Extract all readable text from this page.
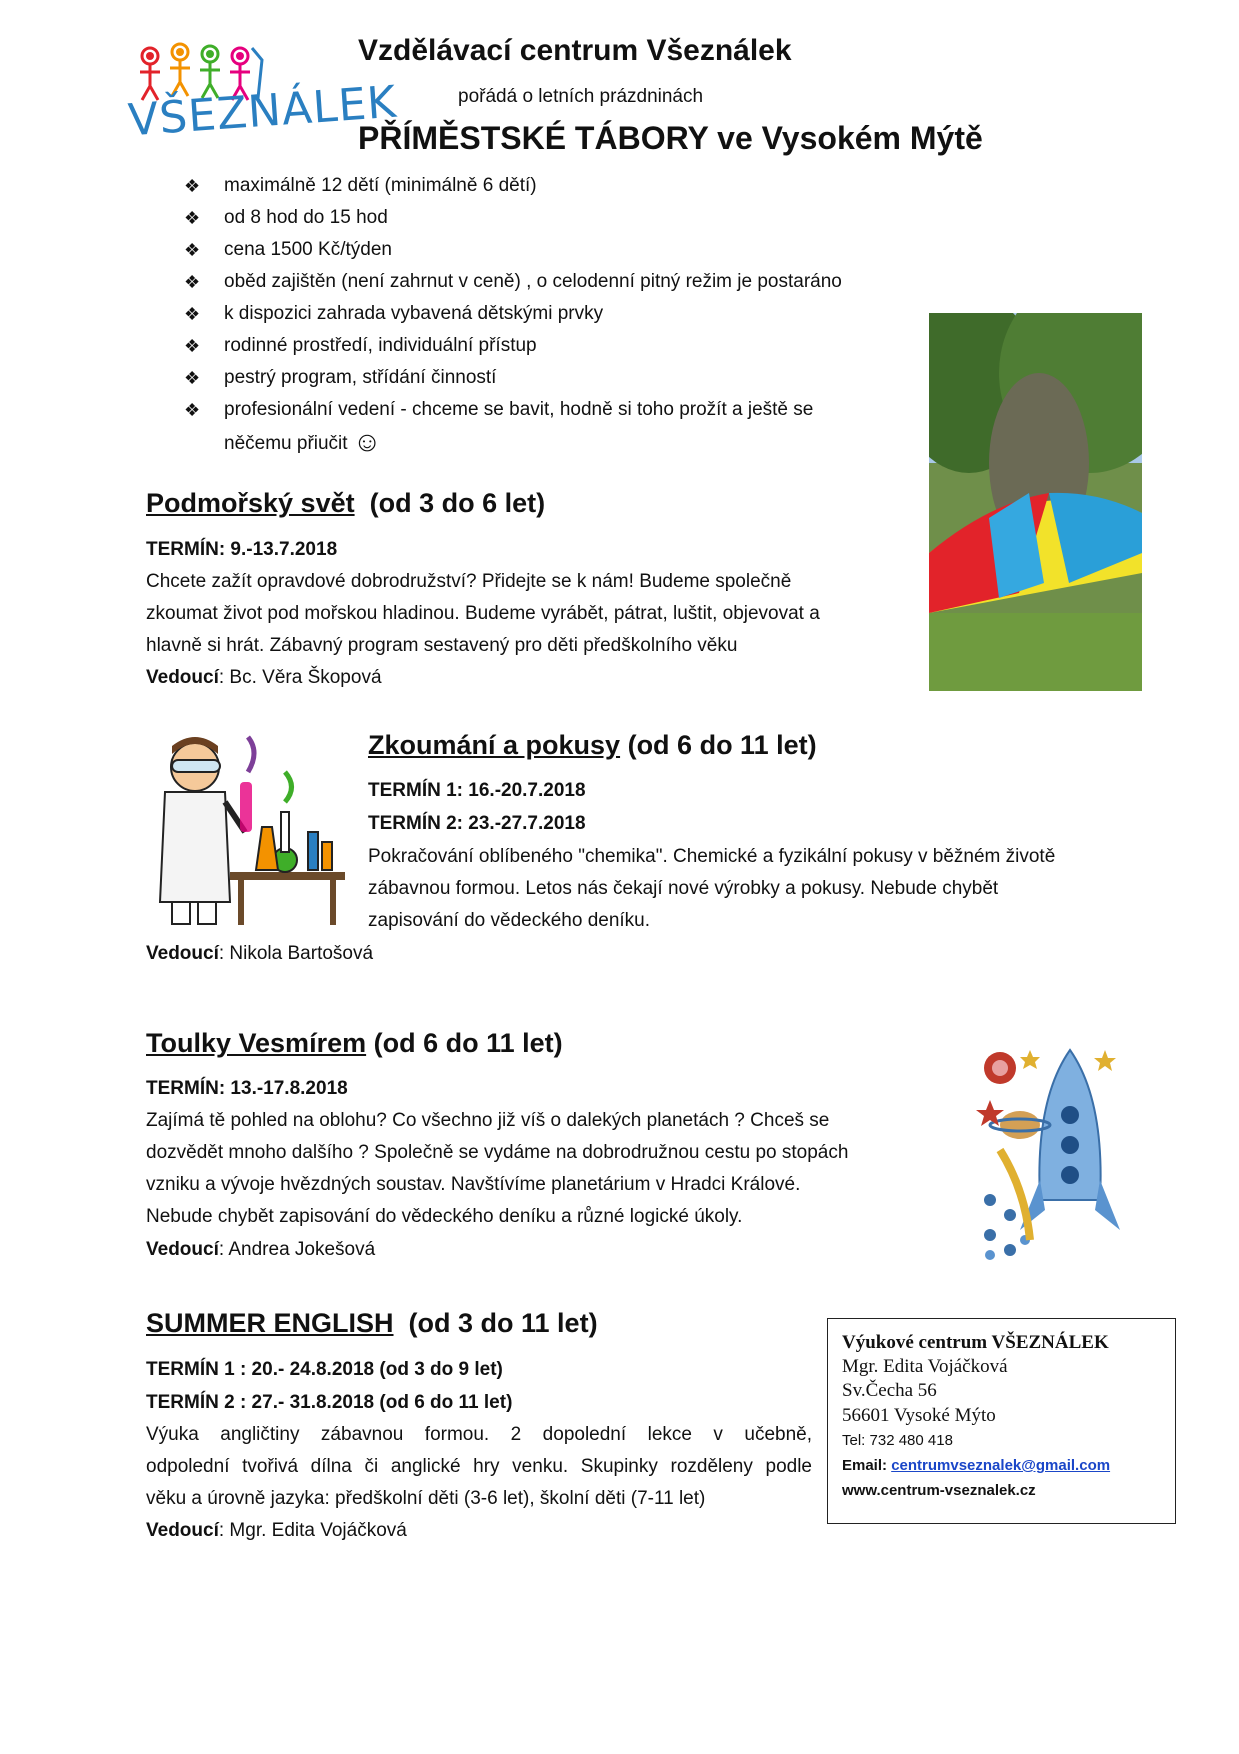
VŠEZNÁLEK
Vzdělávací centrum Všeználek
pořádá o letních prázdninách
PŘÍMĚSTSKÉ TÁBORY ve Vysokém Mýtě
❖ maximálně 12 dětí (minimálně 6 dětí)
❖ od 8 hod do 15 hod
❖ cena 1500 Kč/týden
❖ oběd zajištěn (není zahrnut v ceně) , o celodenní pitný režim je postaráno
❖ k dispozici zahrada vybavená dětskými prvky
❖ rodinné prostředí, individuální přístup
❖ pestrý program, střídání činností
❖ profesionální vedení - chceme se bavit, hodně si toho prožít a ještě se
něčemu přiučit ☺
Podmořský svět (od 3 do 6 let)
TERMÍN: 9.-13.7.2018
Chcete zažít opravdové dobrodružství? Přidejte se k nám! Budeme společně
zkoumat život pod mořskou hladinou. Budeme vyrábět, pátrat, luštit, objevovat a
hlavně si hrát. Zábavný program sestavený pro děti předškolního věku
Vedoucí: Bc. Věra Škopová
Zkoumání a pokusy (od 6 do 11 let)
TERMÍN 1: 16.-20.7.2018
TERMÍN 2: 23.-27.7.2018
Pokračování oblíbeného "chemika". Chemické a fyzikální pokusy v běžném životě
zábavnou formou. Letos nás čekají nové výrobky a pokusy. Nebude chybět
zapisování do vědeckého deníku.
Vedoucí: Nikola Bartošová
Toulky Vesmírem (od 6 do 11 let)
TERMÍN: 13.-17.8.2018
Zajímá tě pohled na oblohu? Co všechno již víš o dalekých planetách ? Chceš se
dozvědět mnoho dalšího ? Společně se vydáme na dobrodružnou cestu po stopách
vzniku a vývoje hvězdných soustav. Navštívíme planetárium v Hradci Králové.
Nebude chybět zapisování do vědeckého deníku a různé logické úkoly.
Vedoucí: Andrea Jokešová
SUMMER ENGLISH (od 3 do 11 let)
TERMÍN 1 : 20.- 24.8.2018 (od 3 do 9 let)
TERMÍN 2 : 27.- 31.8.2018 (od 6 do 11 let)
Výuka angličtiny zábavnou formou. 2 dopolední lekce v učebně,
odpolední tvořivá dílna či anglické hry venku. Skupinky rozděleny podle
věku a úrovně jazyka: předškolní děti (3-6 let), školní děti (7-11 let)
Vedoucí: Mgr. Edita Vojáčková
Výukové centrum VŠEZNÁLEK
Mgr. Edita Vojáčková
Sv.Čecha 56
56601 Vysoké Mýto
Tel: 732 480 418
Email: centrumvseznalek@gmail.com
www.centrum-vseznalek.cz
